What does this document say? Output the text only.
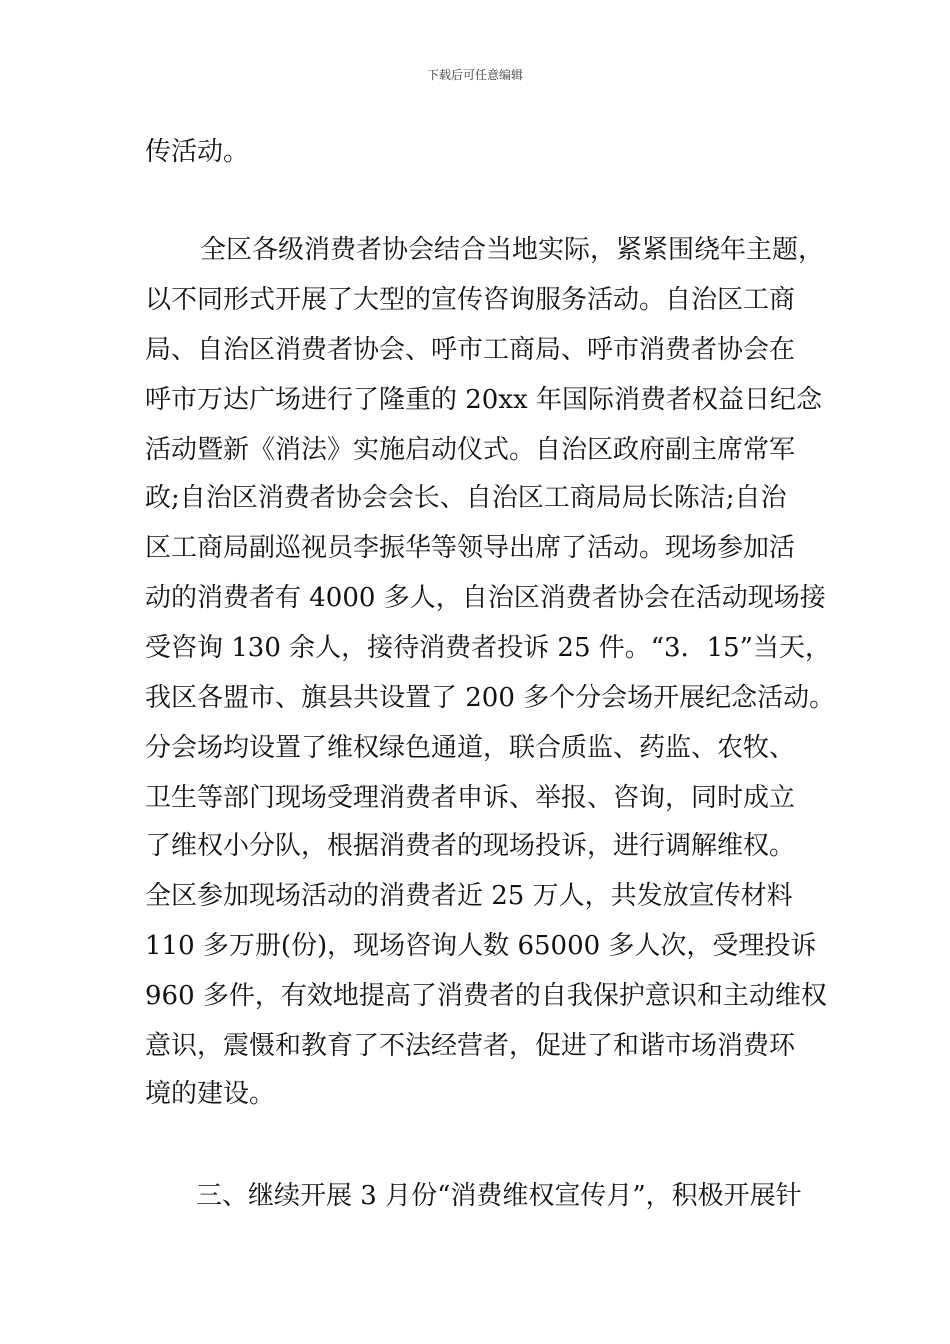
下载后可任意编辑
传活动。
全区各级消费者协会结合当地实际，紧紧围绕年主题，
以不同形式开展了大型的宣传咨询服务活动。自治区工商
局、自治区消费者协会、呼市工商局、呼市消费者协会在
呼市万达广场进行了隆重的 20xx 年国际消费者权益日纪念
活动暨新《消法》实施启动仪式。自治区政府副主席常军
政;自治区消费者协会会长、自治区工商局局长陈洁;自治
区工商局副巡视员李振华等领导出席了活动。现场参加活
动的消费者有 4000 多人，自治区消费者协会在活动现场接
受咨询 130 余人，接待消费者投诉 25 件。“3．15”当天，
我区各盟市、旗县共设置了 200 多个分会场开展纪念活动。
分会场均设置了维权绿色通道，联合质监、药监、农牧、
卫生等部门现场受理消费者申诉、举报、咨询，同时成立
了维权小分队，根据消费者的现场投诉，进行调解维权。
全区参加现场活动的消费者近 25 万人，共发放宣传材料
110 多万册(份)，现场咨询人数 65000 多人次，受理投诉
960 多件，有效地提高了消费者的自我保护意识和主动维权
意识，震慑和教育了不法经营者，促进了和谐市场消费环
境的建设。
三、继续开展 3 月份“消费维权宣传月”，积极开展针
